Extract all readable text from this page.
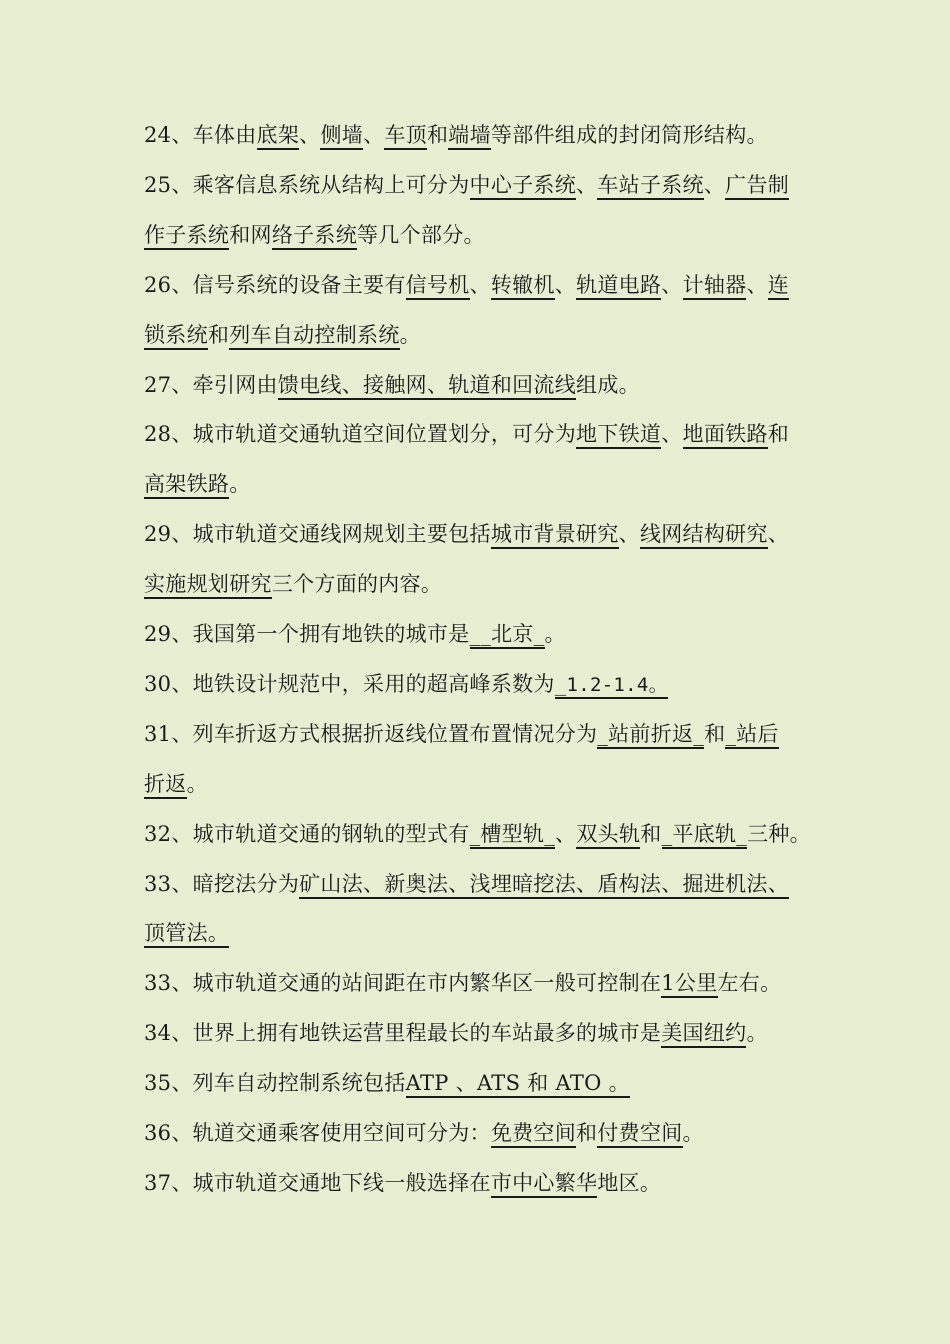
24、车体由底架、侧墙、车顶和端墙等部件组成的封闭筒形结构。
25、乘客信息系统从结构上可分为中心子系统、车站子系统、广告制
作子系统和网络子系统等几个部分。
26、信号系统的设备主要有信号机、转辙机、轨道电路、计轴器、连
锁系统和列车自动控制系统。
27、牵引网由馈电线、接触网、轨道和回流线组成。
28、城市轨道交通轨道空间位置划分，可分为地下铁道、地面铁路和
高架铁路。
29、城市轨道交通线网规划主要包括城市背景研究、线网结构研究、
实施规划研究三个方面的内容。
29、我国第一个拥有地铁的城市是__北京_。
30、地铁设计规范中，采用的超高峰系数为_1.2-1.4。
31、列车折返方式根据折返线位置布置情况分为_站前折返_和_站后
折返。
32、城市轨道交通的钢轨的型式有_槽型轨_、双头轨和_平底轨_三种。
33、暗挖法分为矿山法、新奥法、浅埋暗挖法、盾构法、掘进机法、
顶管法。
33、城市轨道交通的站间距在市内繁华区一般可控制在1公里左右。
34、世界上拥有地铁运营里程最长的车站最多的城市是美国纽约。
35、列车自动控制系统包括ATP 、ATS 和 ATO 。
36、轨道交通乘客使用空间可分为：免费空间和付费空间。
37、城市轨道交通地下线一般选择在市中心繁华地区。
